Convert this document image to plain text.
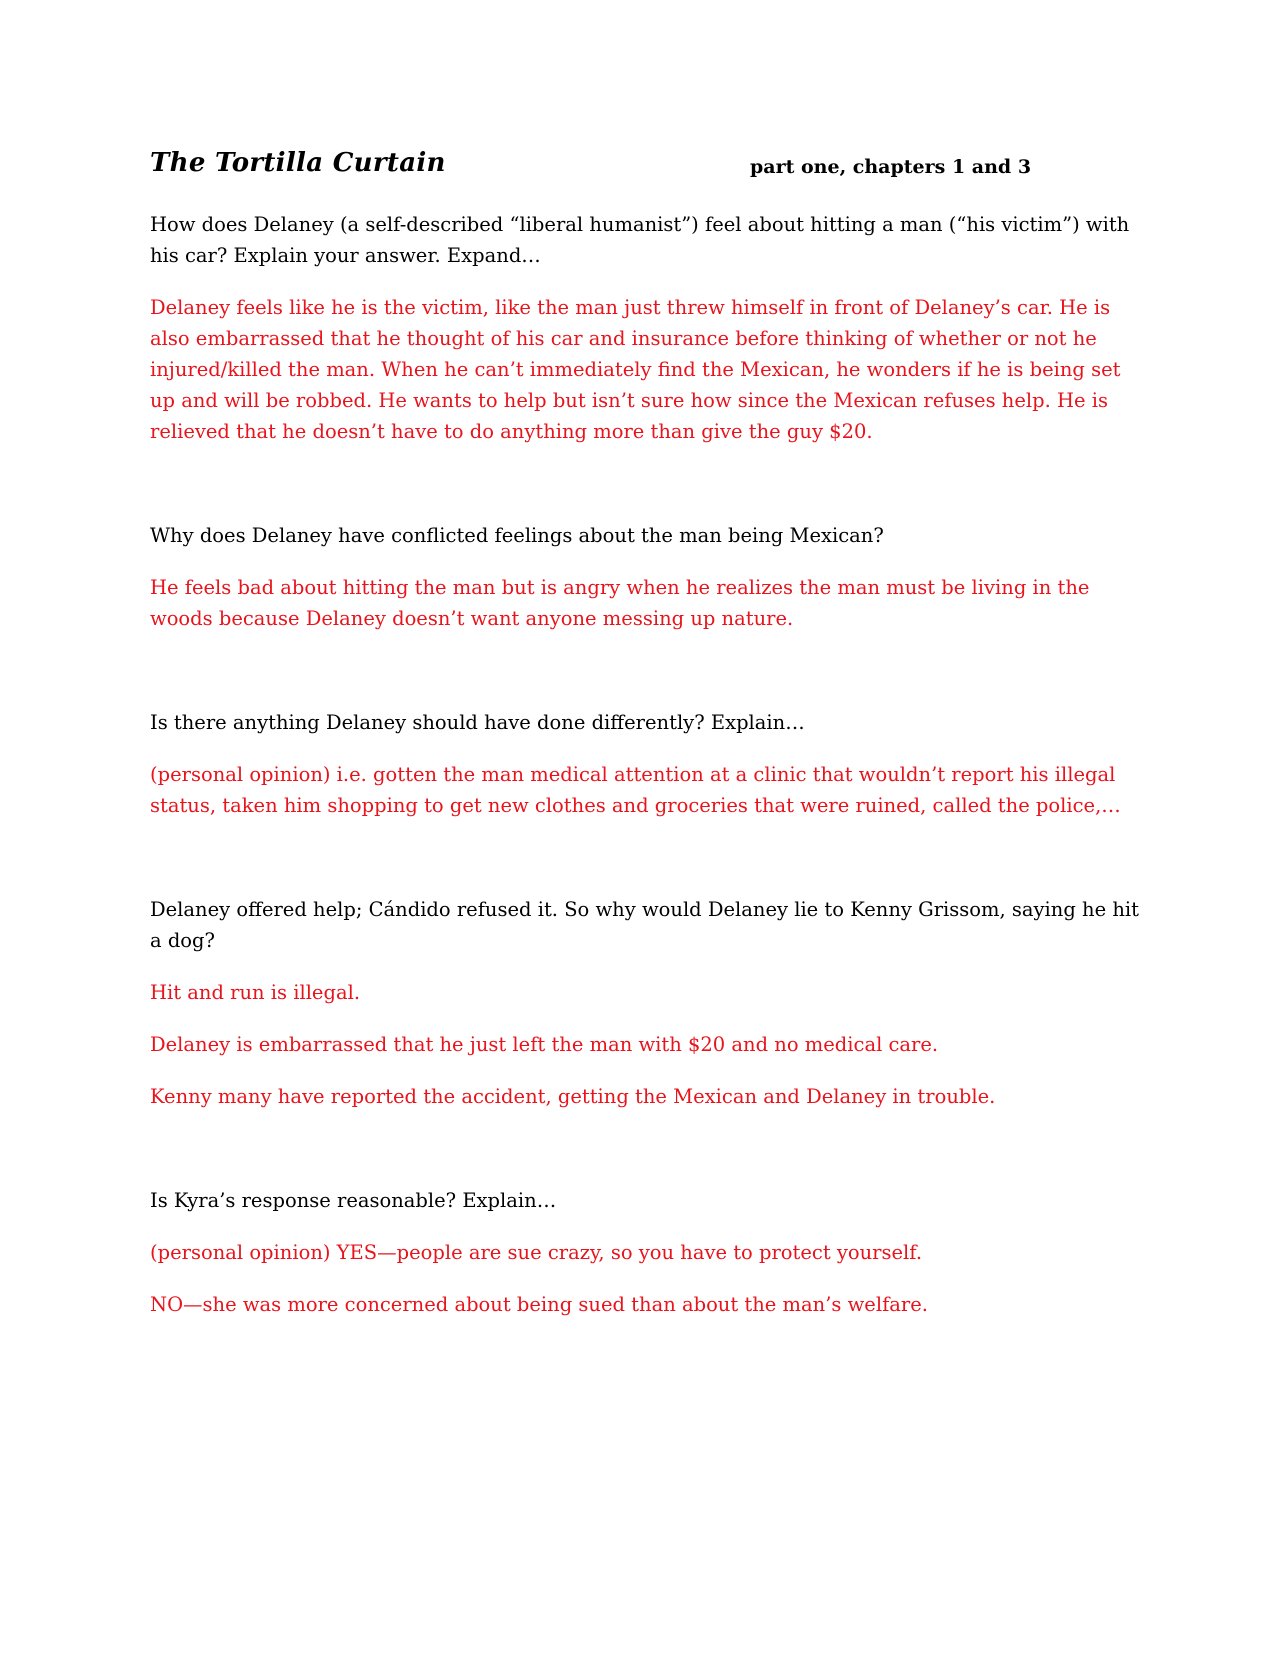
The Tortilla Curtain	part one, chapters 1 and 3

How does Delaney (a self-described “liberal humanist”) feel about hitting a man (“his victim”) with his car? Explain your answer. Expand…

Delaney feels like he is the victim, like the man just threw himself in front of Delaney’s car. He is also embarrassed that he thought of his car and insurance before thinking of whether or not he injured/killed the man. When he can’t immediately find the Mexican, he wonders if he is being set up and will be robbed. He wants to help but isn’t sure how since the Mexican refuses help. He is relieved that he doesn’t have to do anything more than give the guy $20.

Why does Delaney have conflicted feelings about the man being Mexican?

He feels bad about hitting the man but is angry when he realizes the man must be living in the woods because Delaney doesn’t want anyone messing up nature.

Is there anything Delaney should have done differently? Explain…

(personal opinion) i.e. gotten the man medical attention at a clinic that wouldn’t report his illegal status, taken him shopping to get new clothes and groceries that were ruined, called the police,…

Delaney offered help; Cándido refused it. So why would Delaney lie to Kenny Grissom, saying he hit a dog?

Hit and run is illegal.

Delaney is embarrassed that he just left the man with $20 and no medical care.

Kenny many have reported the accident, getting the Mexican and Delaney in trouble.

Is Kyra’s response reasonable? Explain…

(personal opinion) YES—people are sue crazy, so you have to protect yourself.

NO—she was more concerned about being sued than about the man’s welfare.
